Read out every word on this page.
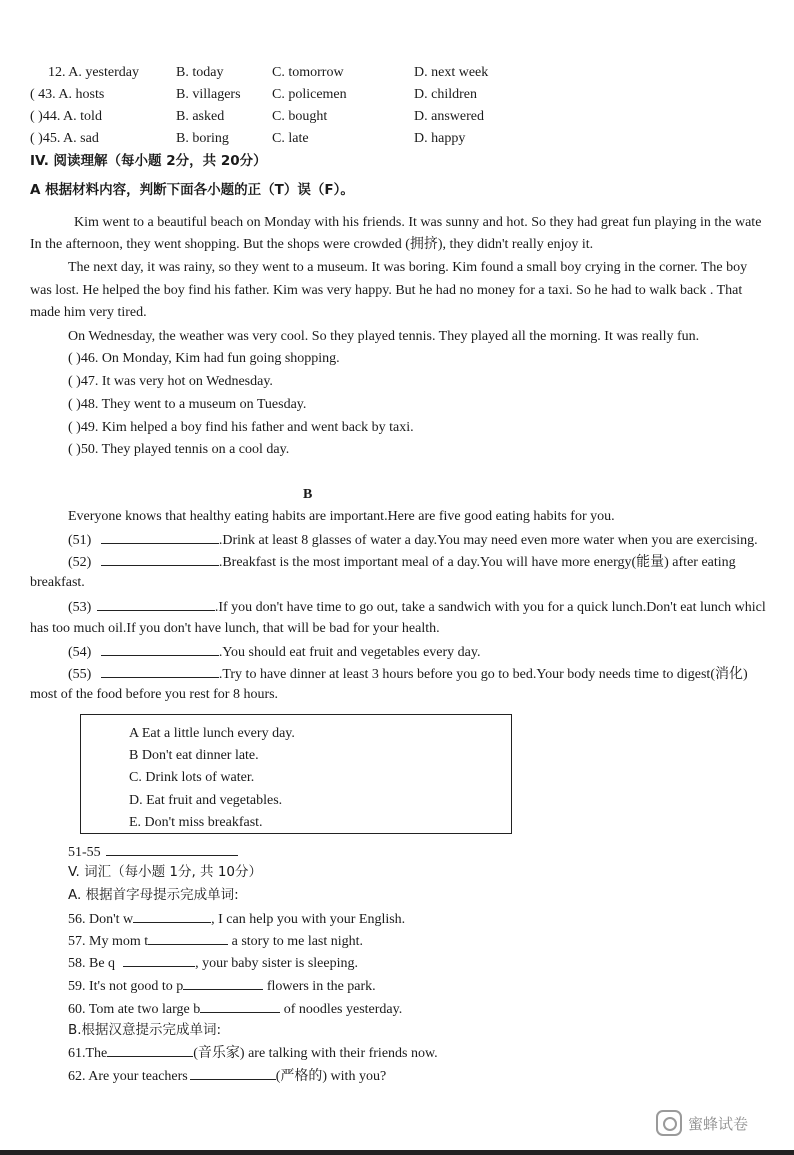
12. A. yesterday	B. today	C. tomorrow	D. next week
( 43. A. hosts	B. villagers C. policemen	D. children
( )44. A. told	B. asked	C. bought	D. answered
( )45. A. sad	B. boring	C. late	D. happy
IV. 阅读理解（每小题 2分，共 20分）
A 根据材料内容，判断下面各小题的正（T）误（F）。
Kim went to a beautiful beach on Monday with his friends. It was sunny and hot. So they had great fun playing in the wate
In the afternoon, they went shopping. But the shops were crowded (拥挤), they didn't really enjoy it.
The next day, it was rainy, so they went to a museum. It was boring. Kim found a small boy crying in the corner. The boy
was lost. He helped the boy find his father. Kim was very happy. But he had no money for a taxi. So he had to walk back . That
made him very tired.
On Wednesday, the weather was very cool. So they played tennis. They played all the morning. It was really fun.
( )46. On Monday, Kim had fun going shopping.
( )47. It was very hot on Wednesday.
( )48. They went to a museum on Tuesday.
( )49. Kim helped a boy find his father and went back by taxi.
( )50. They played tennis on a cool day.
B
Everyone knows that healthy eating habits are important.Here are five good eating habits for you.
(51)	.Drink at least 8 glasses of water a day.You may need even more water when you are exercising.
(52)	.Breakfast is the most important meal of a day.You will have more energy(能量) after eating
breakfast.
(53)	.If you don't have time to go out, take a sandwich with you for a quick lunch.Don't eat lunch whicl
has too much oil.If you don't have lunch, that will be bad for your health.
(54)	.You should eat fruit and vegetables every day.
(55)	.Try to have dinner at least 3 hours before you go to bed.Your body needs time to digest(消化)
most of the food before you rest for 8 hours.
A Eat a little lunch every day.
B Don't eat dinner late.
C. Drink lots of water.
D. Eat fruit and vegetables.
E. Don't miss breakfast.
51-55
V. 词汇（每小题 1分, 共 10分）
A. 根据首字母提示完成单词:
56. Don't w	, I can help you with your English.
57. My mom t	a story to me last night.
58. Be q	, your baby sister is sleeping.
59. It's not good to p	flowers in the park.
60. Tom ate two large b	of noodles yesterday.
B.根据汉意提示完成单词:
61.The	(音乐家) are talking with their friends now.
62. Are your teachers	(严格的) with you?
蜜蜂试卷
